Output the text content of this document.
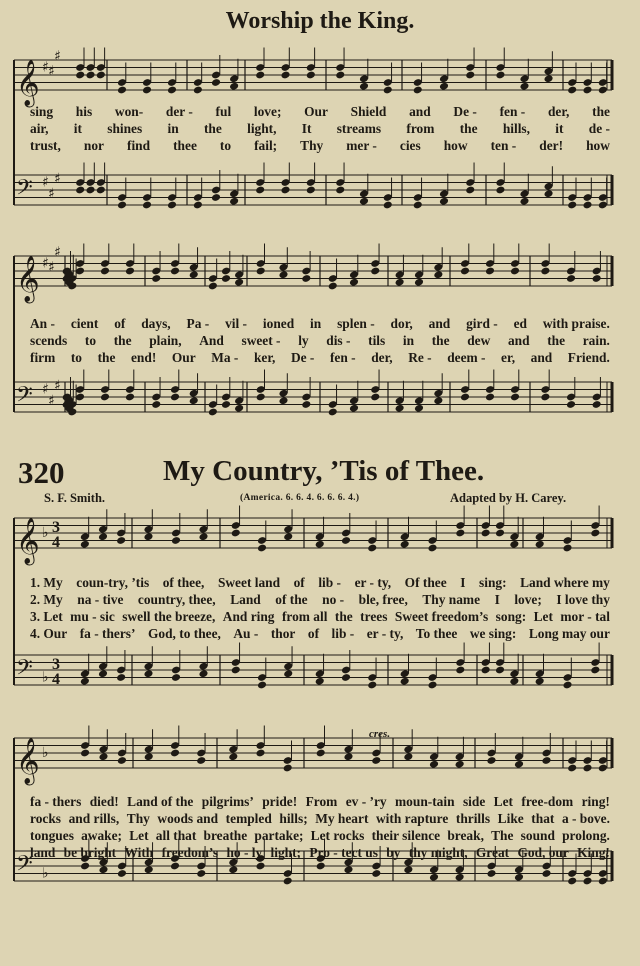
𝄞 ♯ ♯
♯
𝄢 ♯
♯
♯
𝄞 ♯ ♯
♯
𝄢 ♯
♯
♯
𝄞 ♭ 3
4
𝄢 ♭
3
4
𝄞 ♭
𝄢 ♭
Worship the King.
sing his won- der - ful love; Our Shield and De - fen - der, the
air, it shines in the light, It streams from the hills, it de -
trust, nor find thee to fail; Thy mer - cies how ten - der! how
An - cient of days, Pa - vil - ioned in splen - dor, and gird - ed with praise.
scends to the plain, And sweet - ly dis - tils in the dew and the rain.
firm to the end! Our Ma - ker, De - fen - der, Re - deem - er, and Friend.
320	My Country, ’Tis of Thee.
S. F. Smith.	(America. 6. 6. 4. 6. 6. 6. 4.)	Adapted by H. Carey.
1. My coun-try, ’tis of thee, Sweet land of lib - er - ty, Of thee I sing: Land where my
2. My na - tive country, thee, Land of the no - ble, free, Thy name I love; I love thy
3. Let mu - sic swell the breeze, And ring from all the trees Sweet freedom’s song: Let mor - tal
4. Our fa - thers’ God, to thee, Au - thor of lib - er - ty, To thee we sing: Long may our
cres.
fa - thers died! Land of the pilgrims’ pride! From ev - ’ry moun-tain side Let free-dom ring!
rocks and rills, Thy woods and templed hills; My heart with rapture thrills Like that a - bove.
tongues awake; Let all that breathe partake; Let rocks their silence break, The sound prolong.
land be bright With freedom’s ho - ly light; Pro - tect us by thy might, Great God, our King!
